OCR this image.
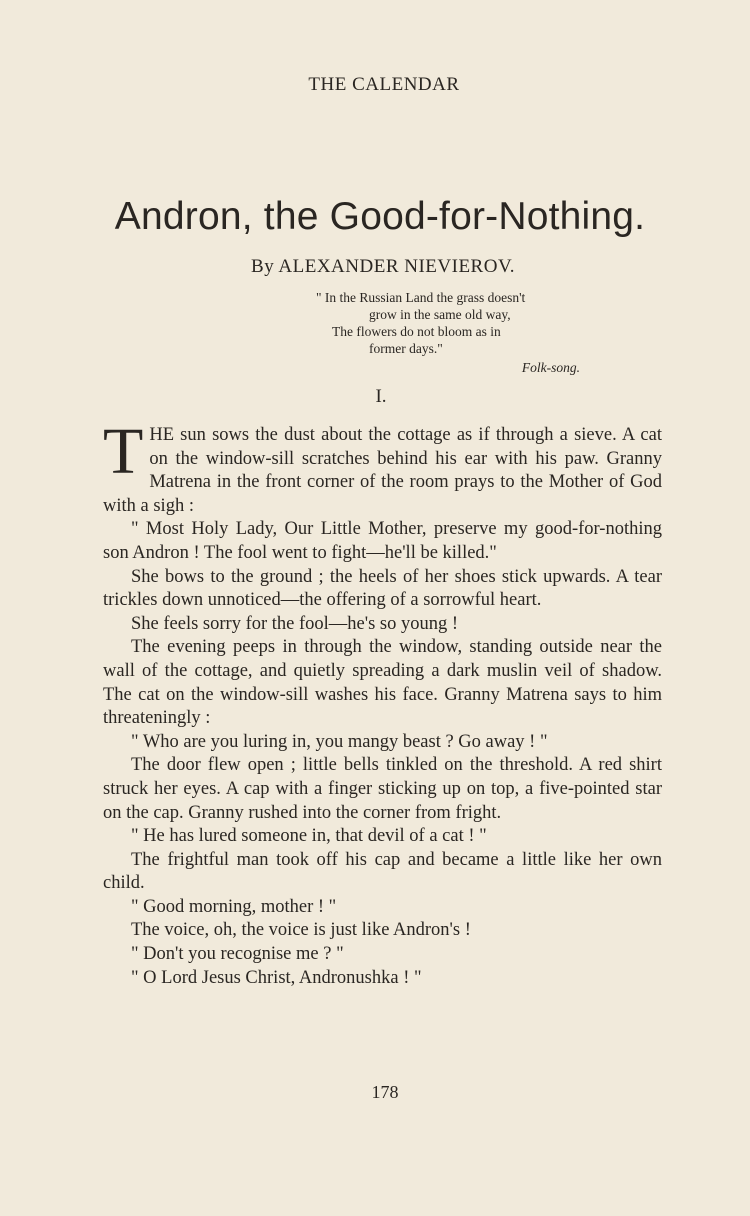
THE CALENDAR
Andron, the Good-for-Nothing.
By ALEXANDER NIEVIEROV.
" In the Russian Land the grass doesn't
grow in the same old way,
The flowers do not bloom as in
former days."
Folk-song.
I.

THE sun sows the dust about the cottage as if through a sieve. A cat on the window-sill scratches behind his ear with his paw. Granny Matrena in the front corner of the room prays to the Mother of God with a sigh :

" Most Holy Lady, Our Little Mother, preserve my good-for-nothing son Andron ! The fool went to fight—he'll be killed."

She bows to the ground ; the heels of her shoes stick upwards. A tear trickles down unnoticed—the offering of a sorrowful heart.

She feels sorry for the fool—he's so young !

The evening peeps in through the window, standing outside near the wall of the cottage, and quietly spreading a dark muslin veil of shadow. The cat on the window-sill washes his face. Granny Matrena says to him threateningly :

" Who are you luring in, you mangy beast ? Go away ! "

The door flew open ; little bells tinkled on the threshold. A red shirt struck her eyes. A cap with a finger sticking up on top, a five-pointed star on the cap. Granny rushed into the corner from fright.

" He has lured someone in, that devil of a cat ! "

The frightful man took off his cap and became a little like her own child.

" Good morning, mother ! "

The voice, oh, the voice is just like Andron's !

" Don't you recognise me ? "

" O Lord Jesus Christ, Andronushka ! "

178
